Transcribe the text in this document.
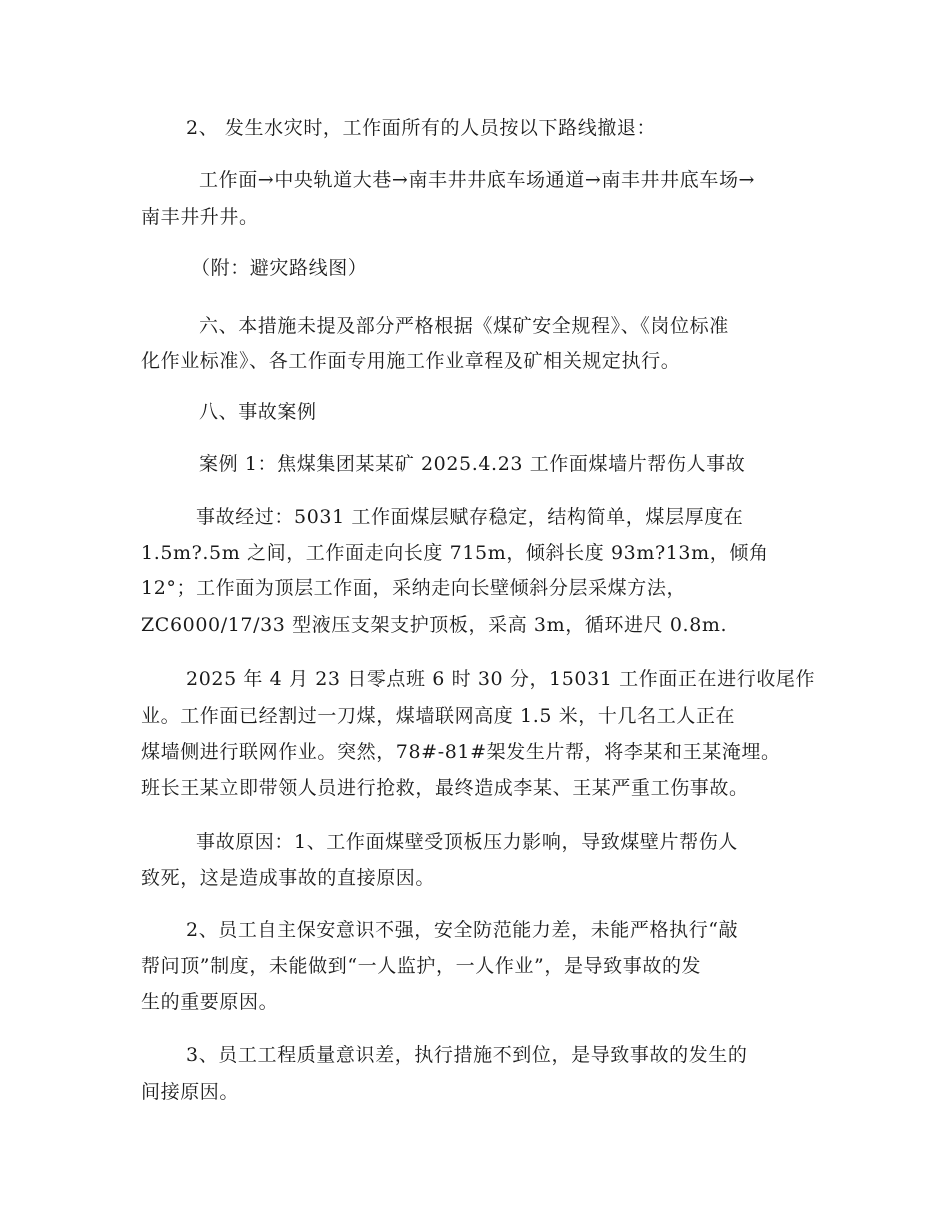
2、 发生水灾时，工作面所有的人员按以下路线撤退：

工作面→中央轨道大巷→南丰井井底车场通道→南丰井井底车场→

南丰井升井。

（附：避灾路线图）

六、本措施未提及部分严格根据《煤矿安全规程》、《岗位标准

化作业标准》、各工作面专用施工作业章程及矿相关规定执行。

八、事故案例

案例 1：焦煤集团某某矿 2025.4.23 工作面煤墙片帮伤人事故

事故经过：5031 工作面煤层赋存稳定，结构简单，煤层厚度在

1.5m?.5m 之间，工作面走向长度 715m，倾斜长度 93m?13m，倾角

12°；工作面为顶层工作面，采纳走向长壁倾斜分层采煤方法，

ZC6000/17/33 型液压支架支护顶板，采高 3m，循环进尺 0.8m.

2025 年 4 月 23 日零点班 6 时 30 分，15031 工作面正在进行收尾作

业。工作面已经割过一刀煤，煤墙联网高度 1.5 米，十几名工人正在

煤墙侧进行联网作业。突然，78#-81#架发生片帮，将李某和王某淹埋。

班长王某立即带领人员进行抢救，最终造成李某、王某严重工伤事故。

事故原因：1、工作面煤壁受顶板压力影响，导致煤壁片帮伤人

致死，这是造成事故的直接原因。

2、员工自主保安意识不强，安全防范能力差，未能严格执行“敲

帮问顶”制度，未能做到“一人监护，一人作业”，是导致事故的发

生的重要原因。

3、员工工程质量意识差，执行措施不到位，是导致事故的发生的

间接原因。
